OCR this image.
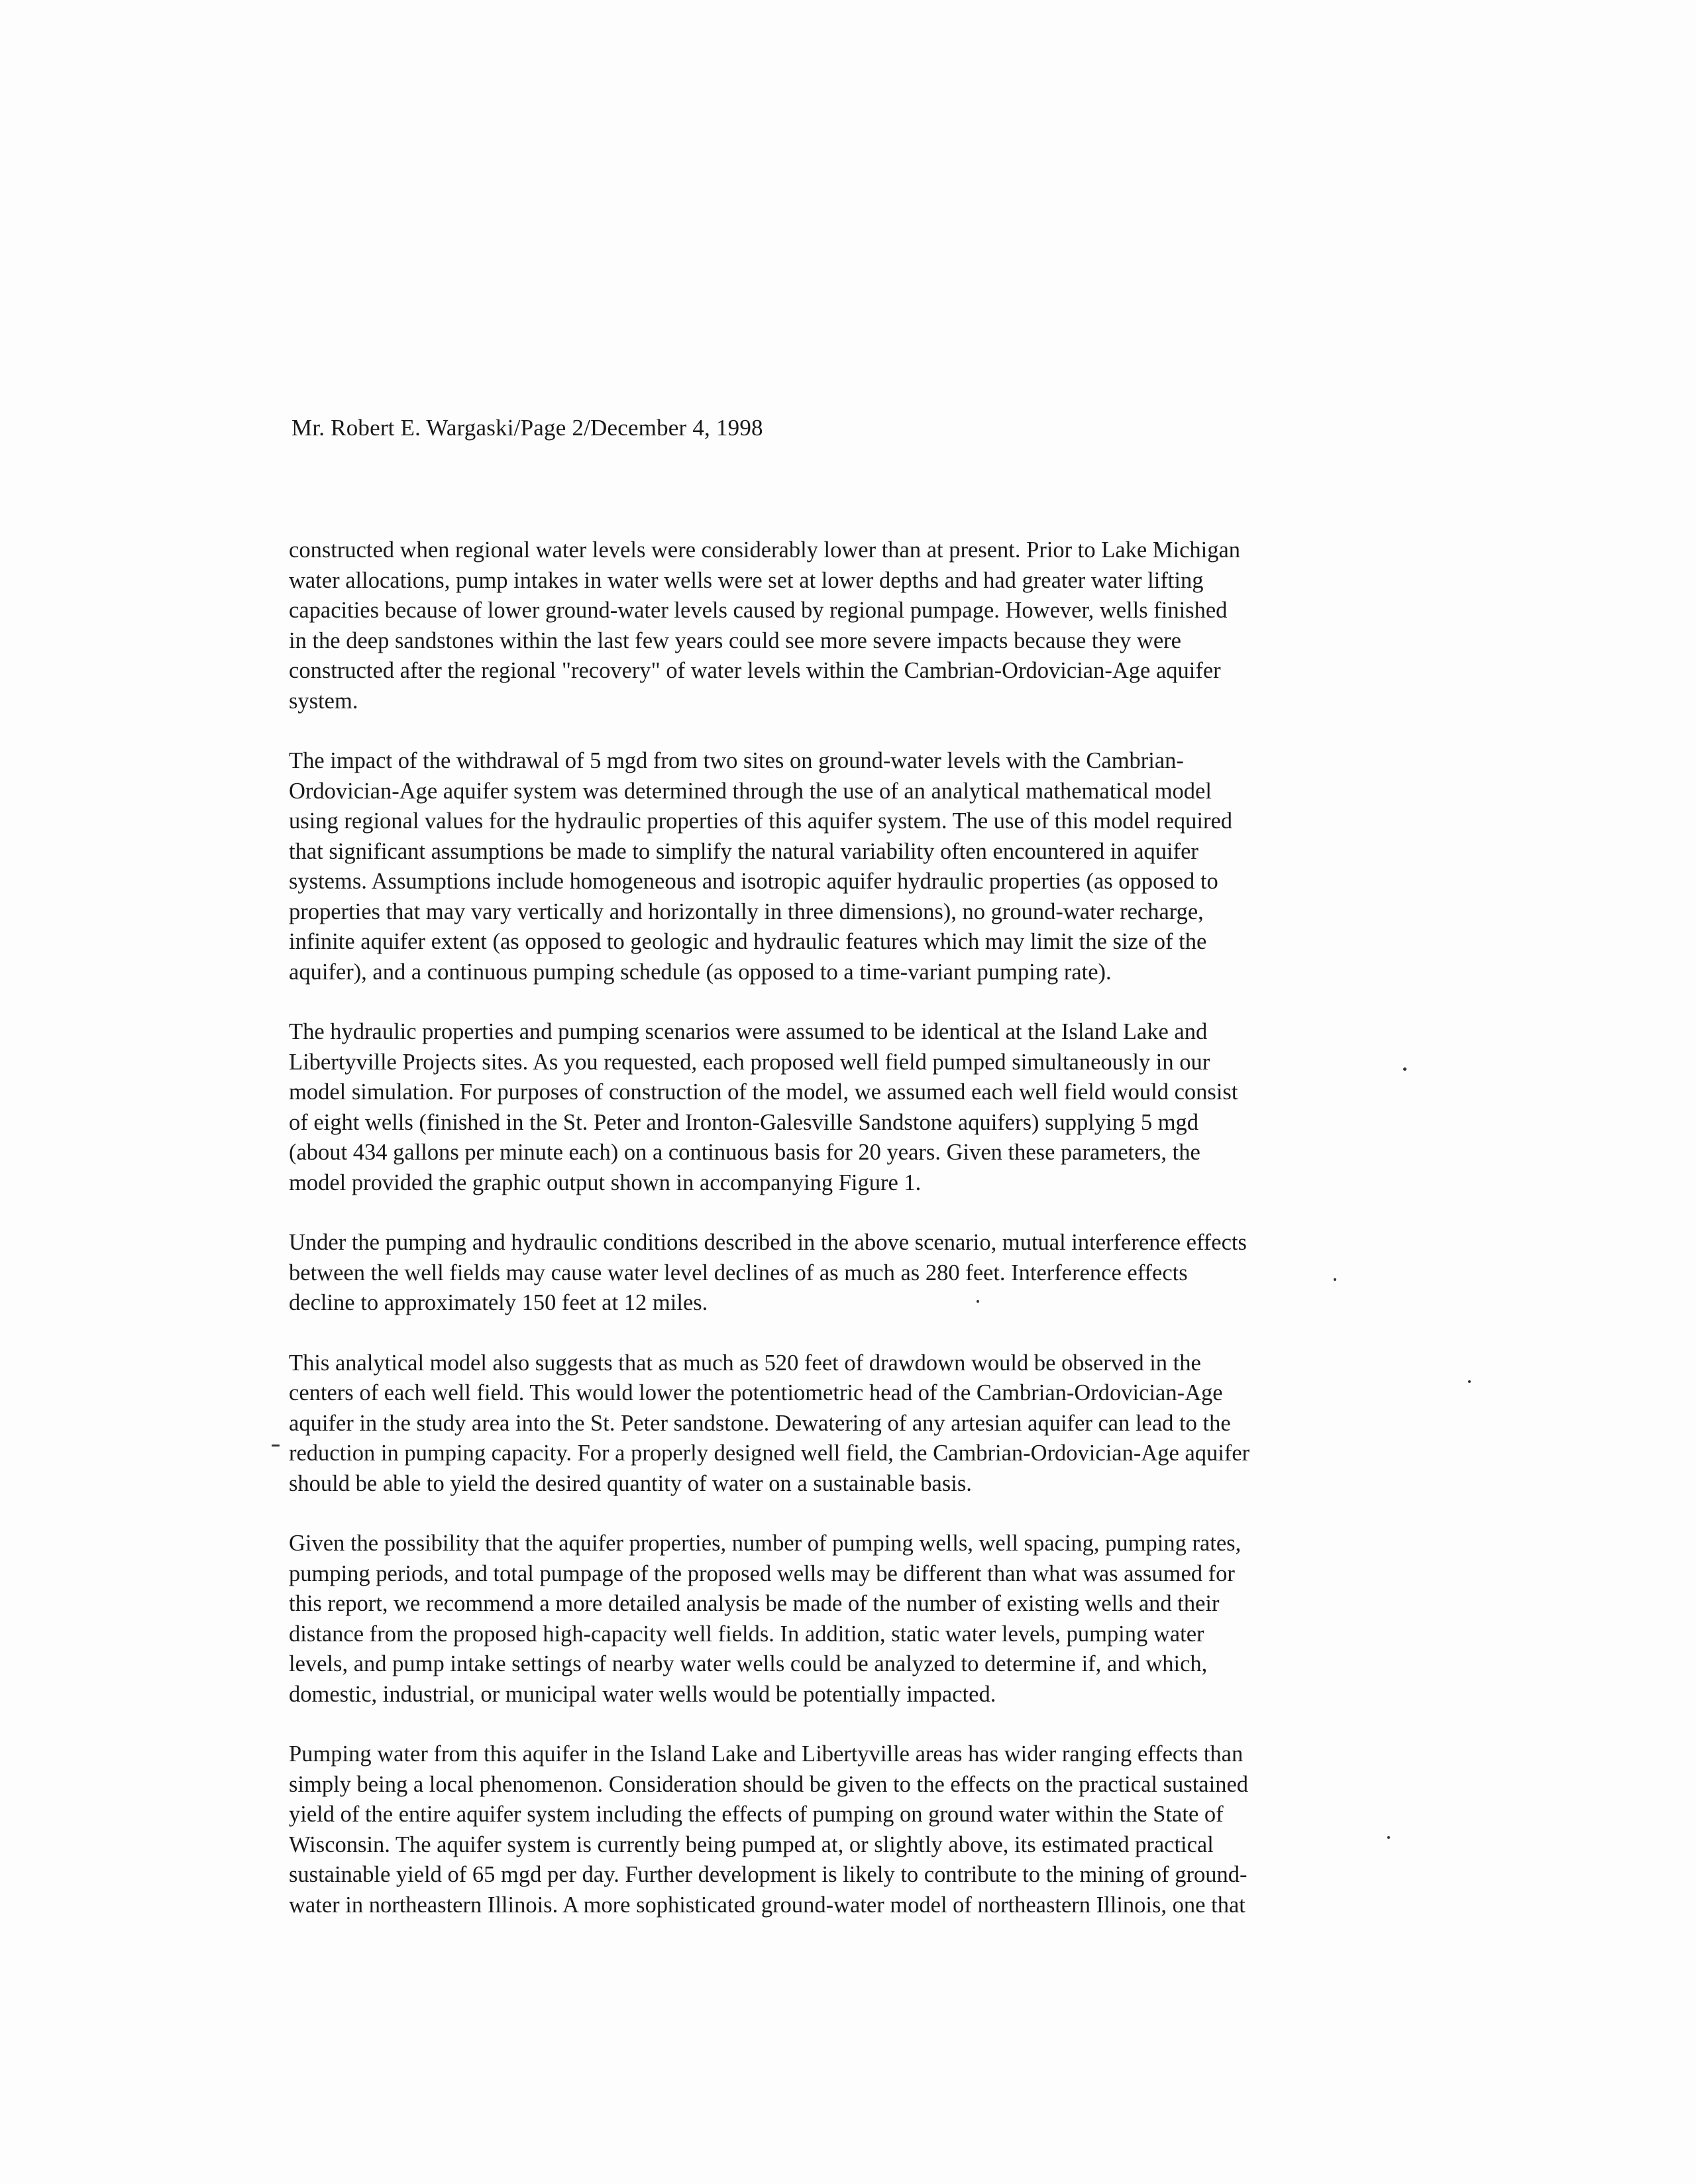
Mr. Robert E. Wargaski/Page 2/December 4, 1998

constructed when regional water levels were considerably lower than at present. Prior to Lake Michigan
water allocations, pump intakes in water wells were set at lower depths and had greater water lifting
capacities because of lower ground-water levels caused by regional pumpage. However, wells finished
in the deep sandstones within the last few years could see more severe impacts because they were
constructed after the regional "recovery" of water levels within the Cambrian-Ordovician-Age aquifer
system.

The impact of the withdrawal of 5 mgd from two sites on ground-water levels with the Cambrian-
Ordovician-Age aquifer system was determined through the use of an analytical mathematical model
using regional values for the hydraulic properties of this aquifer system. The use of this model required
that significant assumptions be made to simplify the natural variability often encountered in aquifer
systems. Assumptions include homogeneous and isotropic aquifer hydraulic properties (as opposed to
properties that may vary vertically and horizontally in three dimensions), no ground-water recharge,
infinite aquifer extent (as opposed to geologic and hydraulic features which may limit the size of the
aquifer), and a continuous pumping schedule (as opposed to a time-variant pumping rate).

The hydraulic properties and pumping scenarios were assumed to be identical at the Island Lake and
Libertyville Projects sites. As you requested, each proposed well field pumped simultaneously in our
model simulation. For purposes of construction of the model, we assumed each well field would consist
of eight wells (finished in the St. Peter and Ironton-Galesville Sandstone aquifers) supplying 5 mgd
(about 434 gallons per minute each) on a continuous basis for 20 years. Given these parameters, the
model provided the graphic output shown in accompanying Figure 1.

Under the pumping and hydraulic conditions described in the above scenario, mutual interference effects
between the well fields may cause water level declines of as much as 280 feet. Interference effects
decline to approximately 150 feet at 12 miles.

This analytical model also suggests that as much as 520 feet of drawdown would be observed in the
centers of each well field. This would lower the potentiometric head of the Cambrian-Ordovician-Age
aquifer in the study area into the St. Peter sandstone. Dewatering of any artesian aquifer can lead to the
reduction in pumping capacity. For a properly designed well field, the Cambrian-Ordovician-Age aquifer
should be able to yield the desired quantity of water on a sustainable basis.

Given the possibility that the aquifer properties, number of pumping wells, well spacing, pumping rates,
pumping periods, and total pumpage of the proposed wells may be different than what was assumed for
this report, we recommend a more detailed analysis be made of the number of existing wells and their
distance from the proposed high-capacity well fields. In addition, static water levels, pumping water
levels, and pump intake settings of nearby water wells could be analyzed to determine if, and which,
domestic, industrial, or municipal water wells would be potentially impacted.

Pumping water from this aquifer in the Island Lake and Libertyville areas has wider ranging effects than
simply being a local phenomenon. Consideration should be given to the effects on the practical sustained
yield of the entire aquifer system including the effects of pumping on ground water within the State of
Wisconsin. The aquifer system is currently being pumped at, or slightly above, its estimated practical
sustainable yield of 65 mgd per day. Further development is likely to contribute to the mining of ground-
water in northeastern Illinois. A more sophisticated ground-water model of northeastern Illinois, one that
